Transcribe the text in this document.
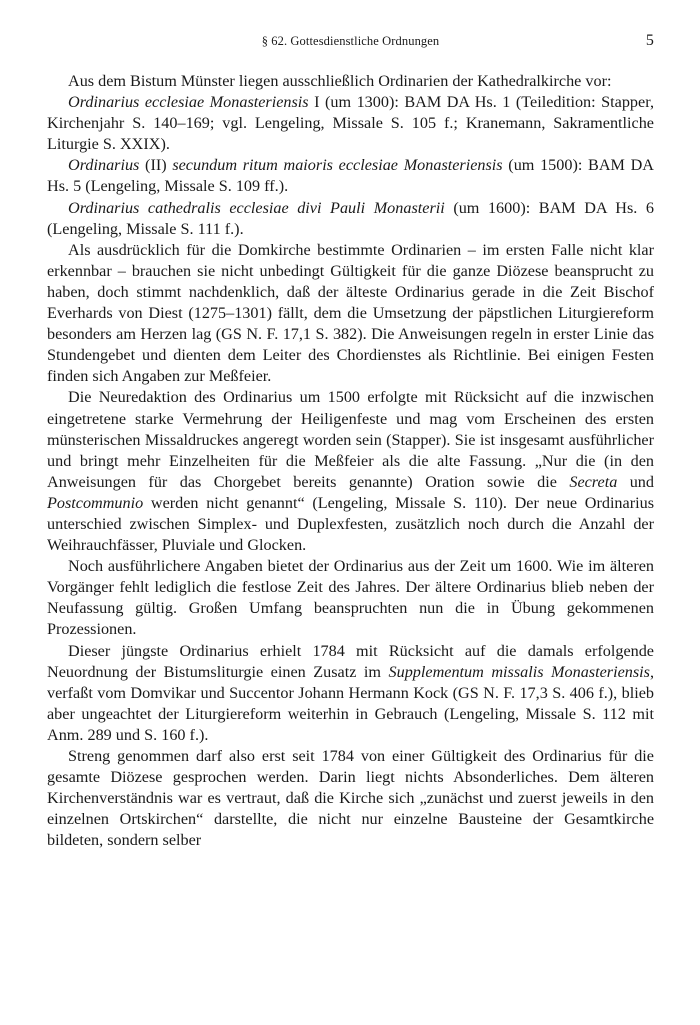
§ 62. Gottesdienstliche Ordnungen	5

Aus dem Bistum Münster liegen ausschließlich Ordinarien der Kathedralkirche vor:

Ordinarius ecclesiae Monasteriensis I (um 1300): BAM DA Hs. 1 (Teiledition: Stapper, Kirchenjahr S. 140–169; vgl. Lengeling, Missale S. 105 f.; Kranemann, Sakramentliche Liturgie S. XXIX).

Ordinarius (II) secundum ritum maioris ecclesiae Monasteriensis (um 1500): BAM DA Hs. 5 (Lengeling, Missale S. 109 ff.).

Ordinarius cathedralis ecclesiae divi Pauli Monasterii (um 1600): BAM DA Hs. 6 (Lengeling, Missale S. 111 f.).

Als ausdrücklich für die Domkirche bestimmte Ordinarien – im ersten Falle nicht klar erkennbar – brauchen sie nicht unbedingt Gültigkeit für die ganze Diözese beansprucht zu haben, doch stimmt nachdenklich, daß der älteste Ordinarius gerade in die Zeit Bischof Everhards von Diest (1275–1301) fällt, dem die Umsetzung der päpstlichen Liturgiereform besonders am Herzen lag (GS N. F. 17,1 S. 382). Die Anweisungen regeln in erster Linie das Stundengebet und dienten dem Leiter des Chordienstes als Richtlinie. Bei einigen Festen finden sich Angaben zur Meßfeier.

Die Neuredaktion des Ordinarius um 1500 erfolgte mit Rücksicht auf die inzwischen eingetretene starke Vermehrung der Heiligenfeste und mag vom Erscheinen des ersten münsterischen Missaldruckes angeregt worden sein (Stapper). Sie ist insgesamt ausführlicher und bringt mehr Einzelheiten für die Meßfeier als die alte Fassung. „Nur die (in den Anweisungen für das Chorgebet bereits genannte) Oration sowie die Secreta und Postcommunio werden nicht genannt“ (Lengeling, Missale S. 110). Der neue Ordinarius unterschied zwischen Simplex- und Duplexfesten, zusätzlich noch durch die Anzahl der Weihrauchfässer, Pluviale und Glocken.

Noch ausführlichere Angaben bietet der Ordinarius aus der Zeit um 1600. Wie im älteren Vorgänger fehlt lediglich die festlose Zeit des Jahres. Der ältere Ordinarius blieb neben der Neufassung gültig. Großen Umfang beanspruchten nun die in Übung gekommenen Prozessionen.

Dieser jüngste Ordinarius erhielt 1784 mit Rücksicht auf die damals erfolgende Neuordnung der Bistumsliturgie einen Zusatz im Supplementum missalis Monasteriensis, verfaßt vom Domvikar und Succentor Johann Hermann Kock (GS N. F. 17,3 S. 406 f.), blieb aber ungeachtet der Liturgiereform weiterhin in Gebrauch (Lengeling, Missale S. 112 mit Anm. 289 und S. 160 f.).

Streng genommen darf also erst seit 1784 von einer Gültigkeit des Ordinarius für die gesamte Diözese gesprochen werden. Darin liegt nichts Absonderliches. Dem älteren Kirchenverständnis war es vertraut, daß die Kirche sich „zunächst und zuerst jeweils in den einzelnen Ortskirchen“ darstellte, die nicht nur einzelne Bausteine der Gesamtkirche bildeten, sondern selber
